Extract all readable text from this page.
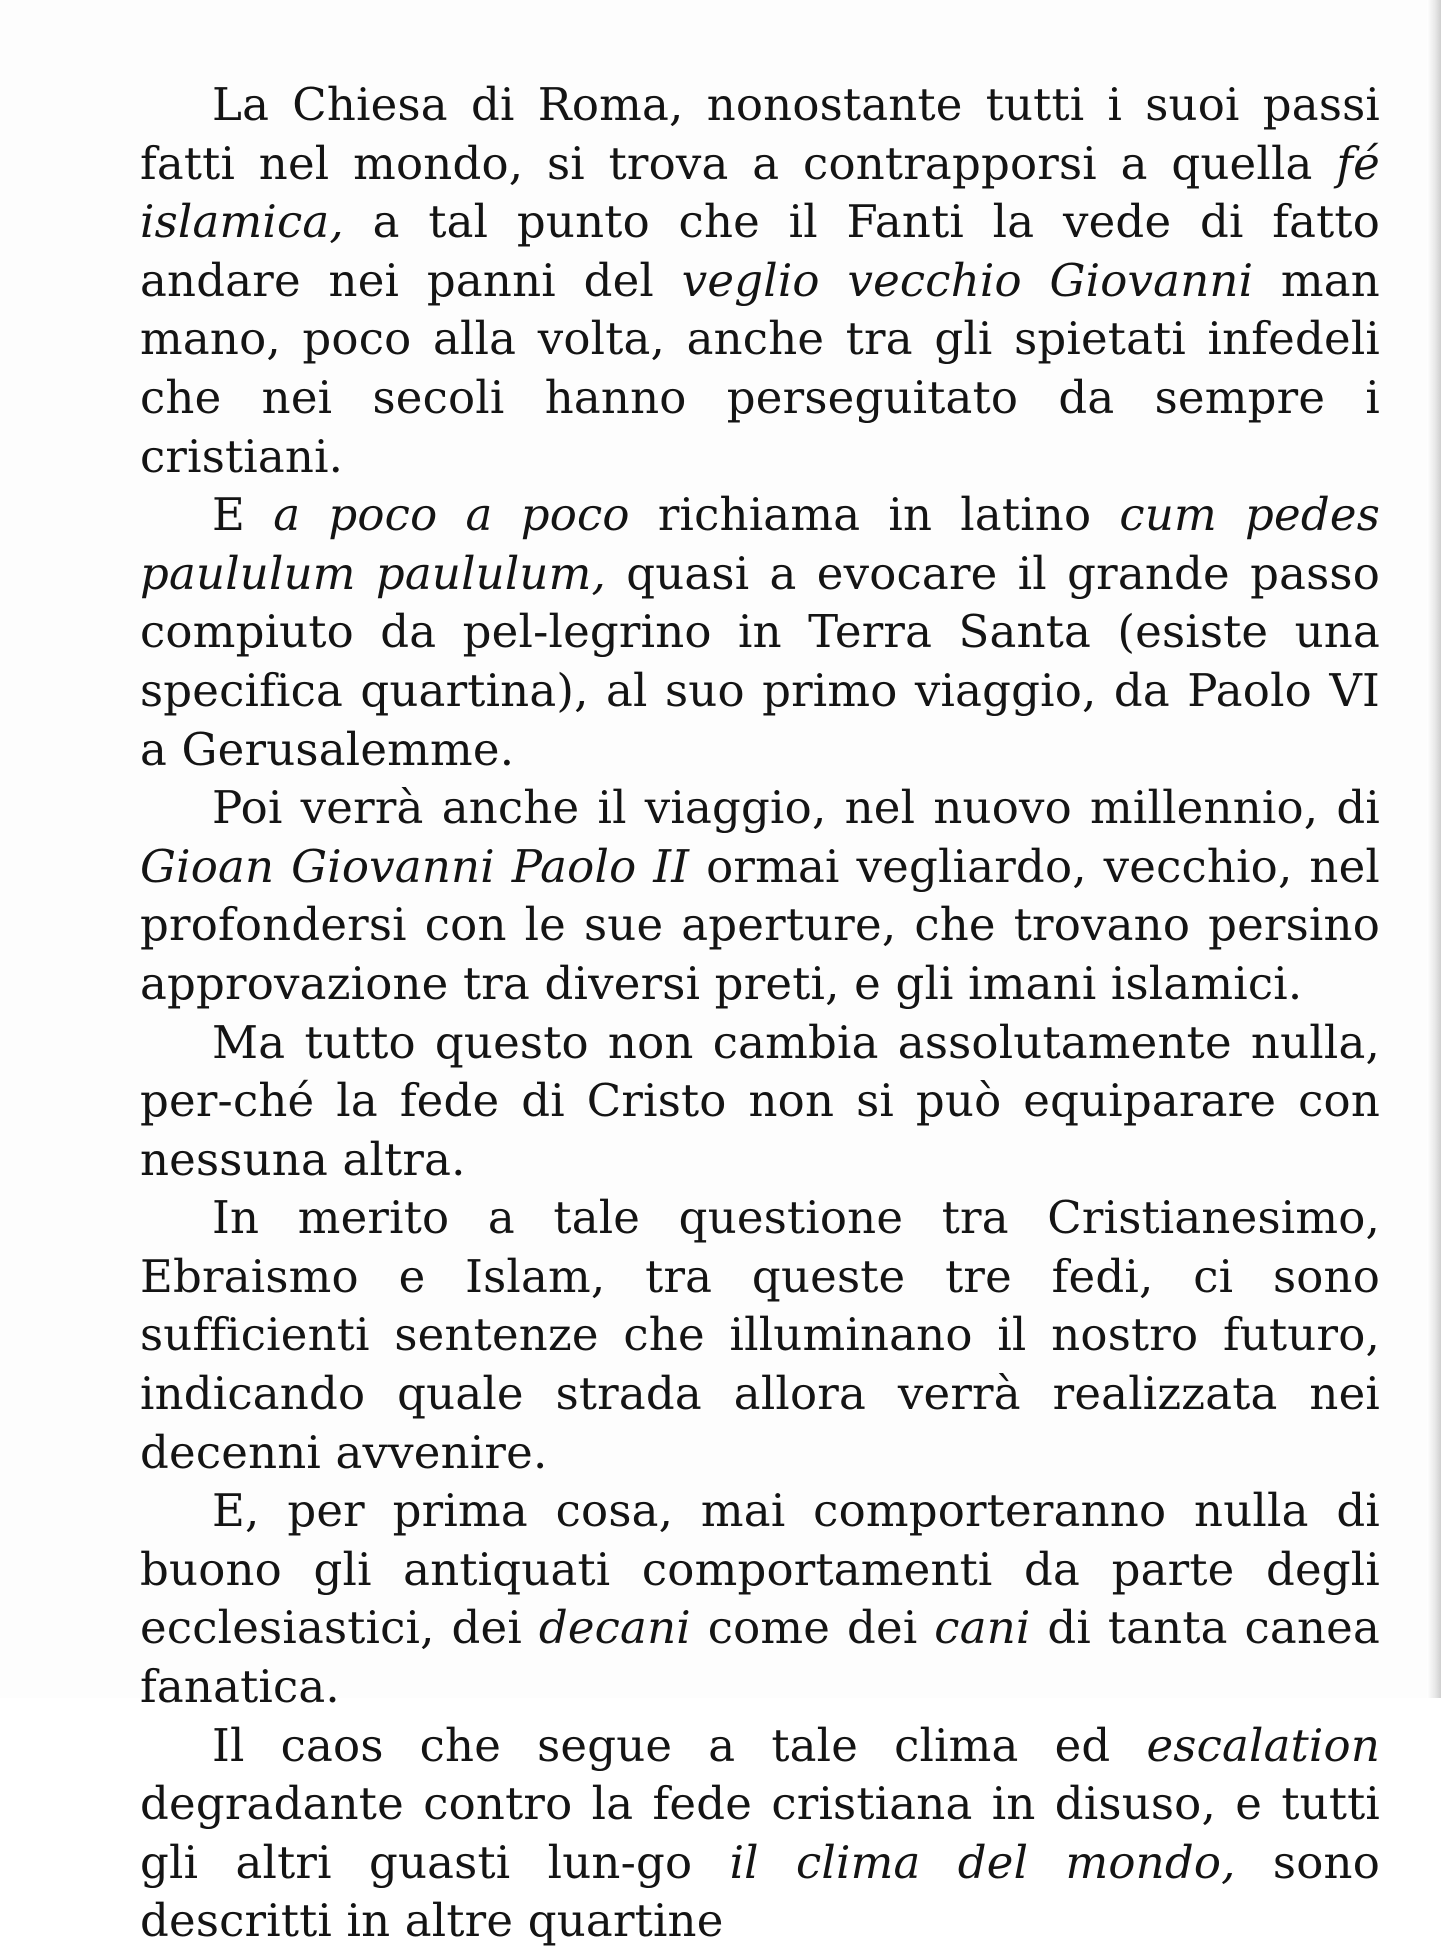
La Chiesa di Roma, nonostante tutti i suoi passi fatti nel mondo, si trova a contrapporsi a quella fé islamica, a tal punto che il Fanti la vede di fatto andare nei panni del veglio vecchio Giovanni man mano, poco alla volta, anche tra gli spietati infedeli che nei secoli hanno perseguitato da sempre i cristiani.

E a poco a poco richiama in latino cum pedes paululum paululum, quasi a evocare il grande passo compiuto da pel-legrino in Terra Santa (esiste una specifica quartina), al suo primo viaggio, da Paolo VI a Gerusalemme.

Poi verrà anche il viaggio, nel nuovo millennio, di Gioan Giovanni Paolo II ormai vegliardo, vecchio, nel profondersi con le sue aperture, che trovano persino approvazione tra diversi preti, e gli imani islamici.

Ma tutto questo non cambia assolutamente nulla, per-ché la fede di Cristo non si può equiparare con nessuna altra.

In merito a tale questione tra Cristianesimo, Ebraismo e Islam, tra queste tre fedi, ci sono sufficienti sentenze che illuminano il nostro futuro, indicando quale strada allora verrà realizzata nei decenni avvenire.

E, per prima cosa, mai comporteranno nulla di buono gli antiquati comportamenti da parte degli ecclesiastici, dei decani come dei cani di tanta canea fanatica.

Il caos che segue a tale clima ed escalation degradante contro la fede cristiana in disuso, e tutti gli altri guasti lun-go il clima del mondo, sono descritti in altre quartine
